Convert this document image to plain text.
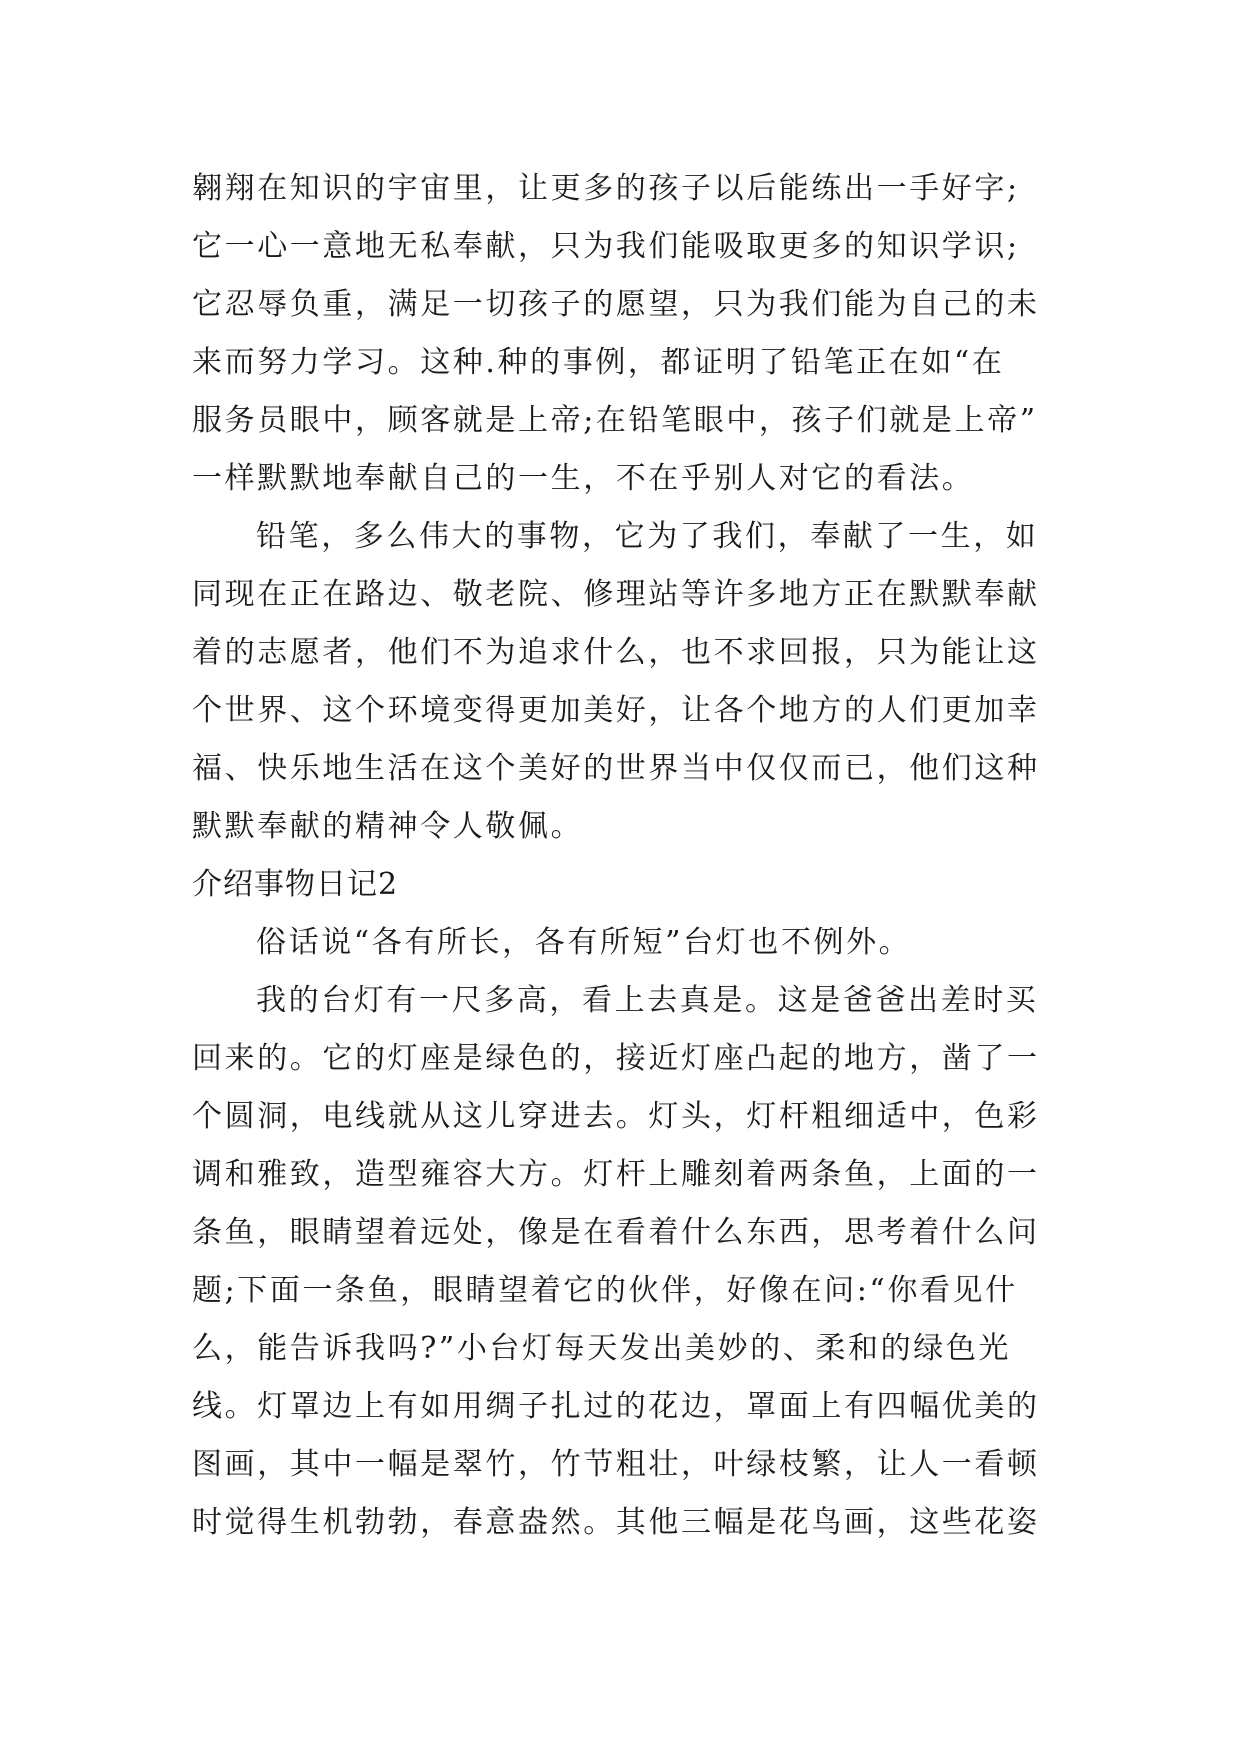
翱翔在知识的宇宙里，让更多的孩子以后能练出一手好字;
它一心一意地无私奉献，只为我们能吸取更多的知识学识;
它忍辱负重，满足一切孩子的愿望，只为我们能为自己的未
来而努力学习。这种.种的事例，都证明了铅笔正在如“在
服务员眼中，顾客就是上帝;在铅笔眼中，孩子们就是上帝”
一样默默地奉献自己的一生，不在乎别人对它的看法。
铅笔，多么伟大的事物，它为了我们，奉献了一生，如
同现在正在路边、敬老院、修理站等许多地方正在默默奉献
着的志愿者，他们不为追求什么，也不求回报，只为能让这
个世界、这个环境变得更加美好，让各个地方的人们更加幸
福、快乐地生活在这个美好的世界当中仅仅而已，他们这种
默默奉献的精神令人敬佩。
介绍事物日记2
俗话说“各有所长，各有所短”台灯也不例外。
我的台灯有一尺多高，看上去真是。这是爸爸出差时买
回来的。它的灯座是绿色的，接近灯座凸起的地方，凿了一
个圆洞，电线就从这儿穿进去。灯头，灯杆粗细适中，色彩
调和雅致，造型雍容大方。灯杆上雕刻着两条鱼，上面的一
条鱼，眼睛望着远处，像是在看着什么东西，思考着什么问
题;下面一条鱼，眼睛望着它的伙伴，好像在问:“你看见什
么，能告诉我吗?”小台灯每天发出美妙的、柔和的绿色光
线。灯罩边上有如用绸子扎过的花边，罩面上有四幅优美的
图画，其中一幅是翠竹，竹节粗壮，叶绿枝繁，让人一看顿
时觉得生机勃勃，春意盎然。其他三幅是花鸟画，这些花姿
